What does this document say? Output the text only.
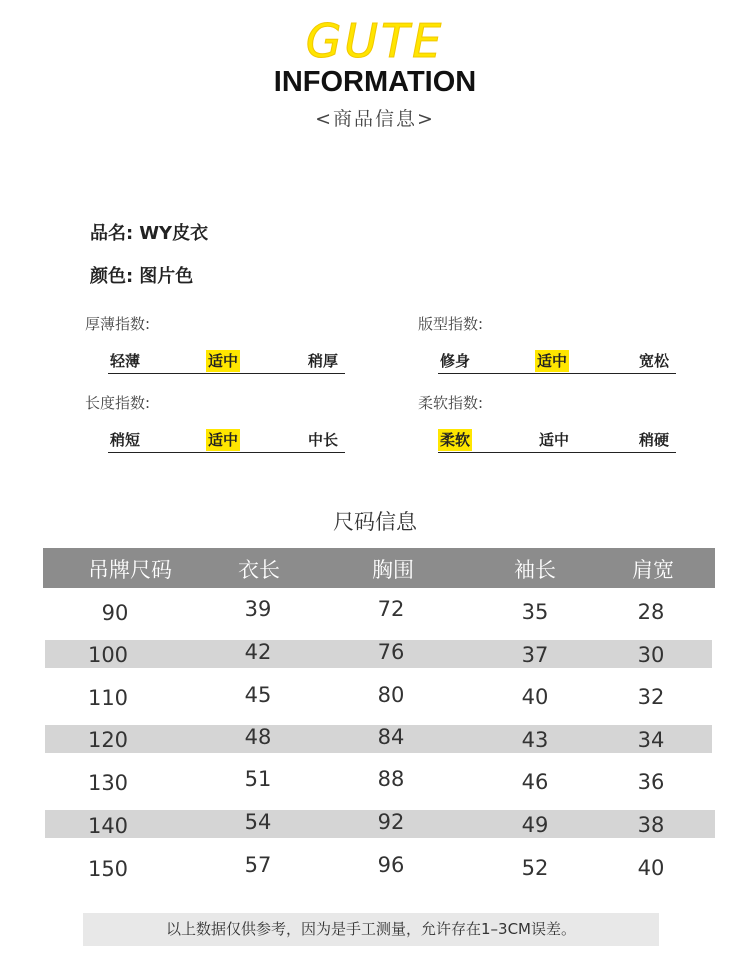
GUTE
INFORMATION
<商品信息>
品名: WY皮衣
颜色: 图片色
厚薄指数:
轻薄	适中	稍厚
版型指数:
修身	适中	宽松
长度指数:
稍短	适中	中长
柔软指数:
柔软	适中	稍硬
尺码信息
吊牌尺码	衣长	胸围	袖长	肩宽
90	39	72	35	28
100	42	76	37	30
110	45	80	40	32
120	48	84	43	34
130	51	88	46	36
140	54	92	49	38
150	57	96	52	40
以上数据仅供参考，因为是手工测量，允许存在1–3CM误差。
